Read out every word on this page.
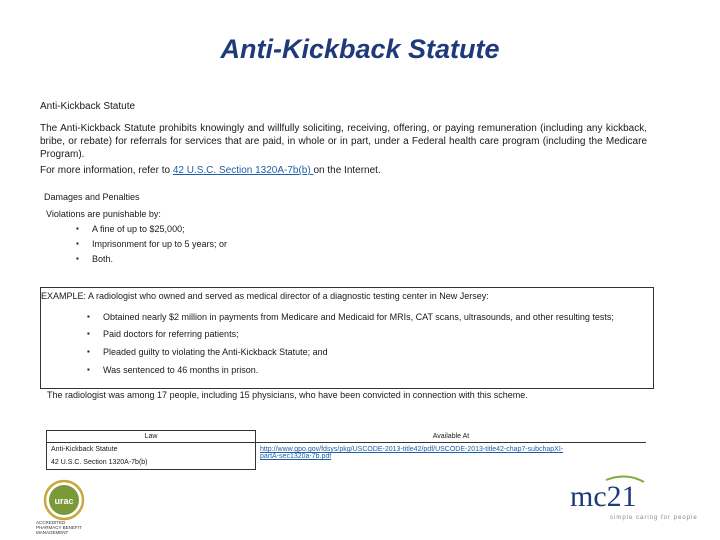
Anti-Kickback Statute
Anti-Kickback Statute

The Anti-Kickback Statute prohibits knowingly and willfully soliciting, receiving, offering, or paying remuneration (including any kickback, bribe, or rebate) for referrals for services that are paid, in whole or in part, under a Federal health care program (including the Medicare Program).

For more information, refer to 42 U.S.C. Section 1320A-7b(b) on the Internet.
Damages and Penalties
Violations are punishable by:
▪ A fine of up to $25,000;
▪ Imprisonment for up to 5 years; or
▪ Both.
EXAMPLE: A radiologist who owned and served as medical director of a diagnostic testing center in New Jersey:
▪ Obtained nearly $2 million in payments from Medicare and Medicaid for MRIs, CAT scans, ultrasounds, and other resulting tests;
▪ Paid doctors for referring patients;
▪ Pleaded guilty to violating the Anti-Kickback Statute; and
▪ Was sentenced to 46 months in prison.
The radiologist was among 17 people, including 15 physicians, who have been convicted in connection with this scheme.
Law	Available At
Anti-Kickback Statute	http://www.gpo.gov/fdsys/pkg/USCODE-2013-title42/pdf/USCODE-2013-title42-chap7-subchapXI-
partA-sec1320a-7b.pdf
42 U.S.C. Section 1320A-7b(b)	
urac
ACCREDITED
PHARMACY BENEFIT
MANAGEMENT
mc21
simple caring for people
